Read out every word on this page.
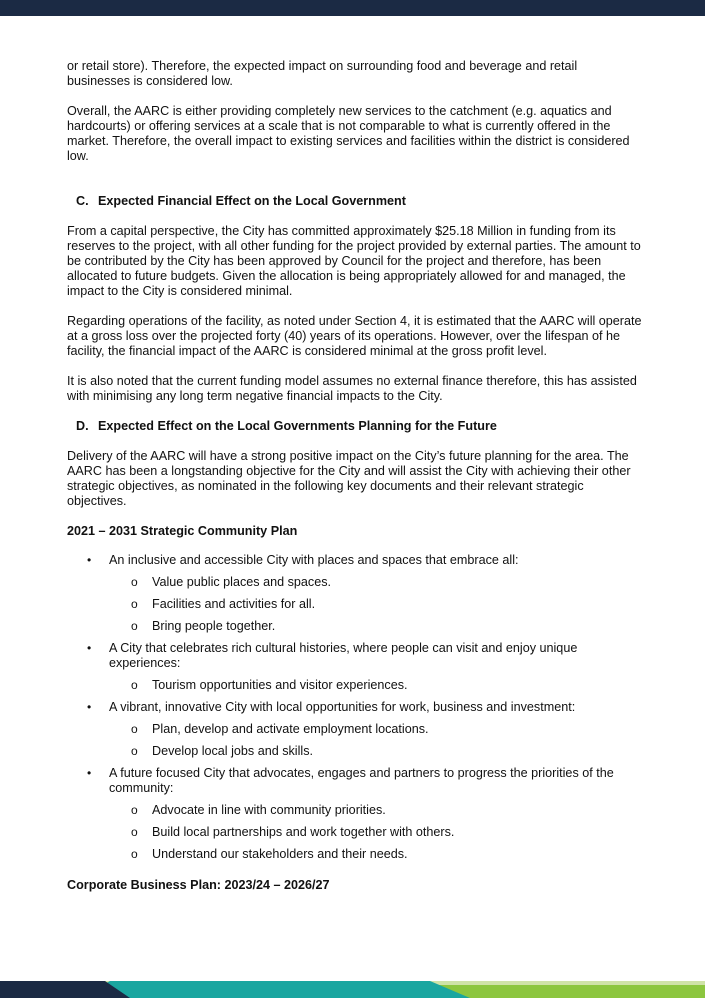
or retail store). Therefore, the expected impact on surrounding food and beverage and retail businesses is considered low.

Overall, the AARC is either providing completely new services to the catchment (e.g. aquatics and hardcourts) or offering services at a scale that is not comparable to what is currently offered in the market. Therefore, the overall impact to existing services and facilities within the district is considered low.

C. Expected Financial Effect on the Local Government

From a capital perspective, the City has committed approximately $25.18 Million in funding from its reserves to the project, with all other funding for the project provided by external parties. The amount to be contributed by the City has been approved by Council for the project and therefore, has been allocated to future budgets. Given the allocation is being appropriately allowed for and managed, the impact to the City is considered minimal.

Regarding operations of the facility, as noted under Section 4, it is estimated that the AARC will operate at a gross loss over the projected forty (40) years of its operations. However, over the lifespan of he facility, the financial impact of the AARC is considered minimal at the gross profit level.

It is also noted that the current funding model assumes no external finance therefore, this has assisted with minimising any long term negative financial impacts to the City.

D. Expected Effect on the Local Governments Planning for the Future

Delivery of the AARC will have a strong positive impact on the City’s future planning for the area. The AARC has been a longstanding objective for the City and will assist the City with achieving their other strategic objectives, as nominated in the following key documents and their relevant strategic objectives.

2021 – 2031 Strategic Community Plan
• An inclusive and accessible City with places and spaces that embrace all:
o Value public places and spaces.
o Facilities and activities for all.
o Bring people together.
• A City that celebrates rich cultural histories, where people can visit and enjoy unique experiences:
o Tourism opportunities and visitor experiences.
• A vibrant, innovative City with local opportunities for work, business and investment:
o Plan, develop and activate employment locations.
o Develop local jobs and skills.
• A future focused City that advocates, engages and partners to progress the priorities of the community:
o Advocate in line with community priorities.
o Build local partnerships and work together with others.
o Understand our stakeholders and their needs.
Corporate Business Plan: 2023/24 – 2026/27
